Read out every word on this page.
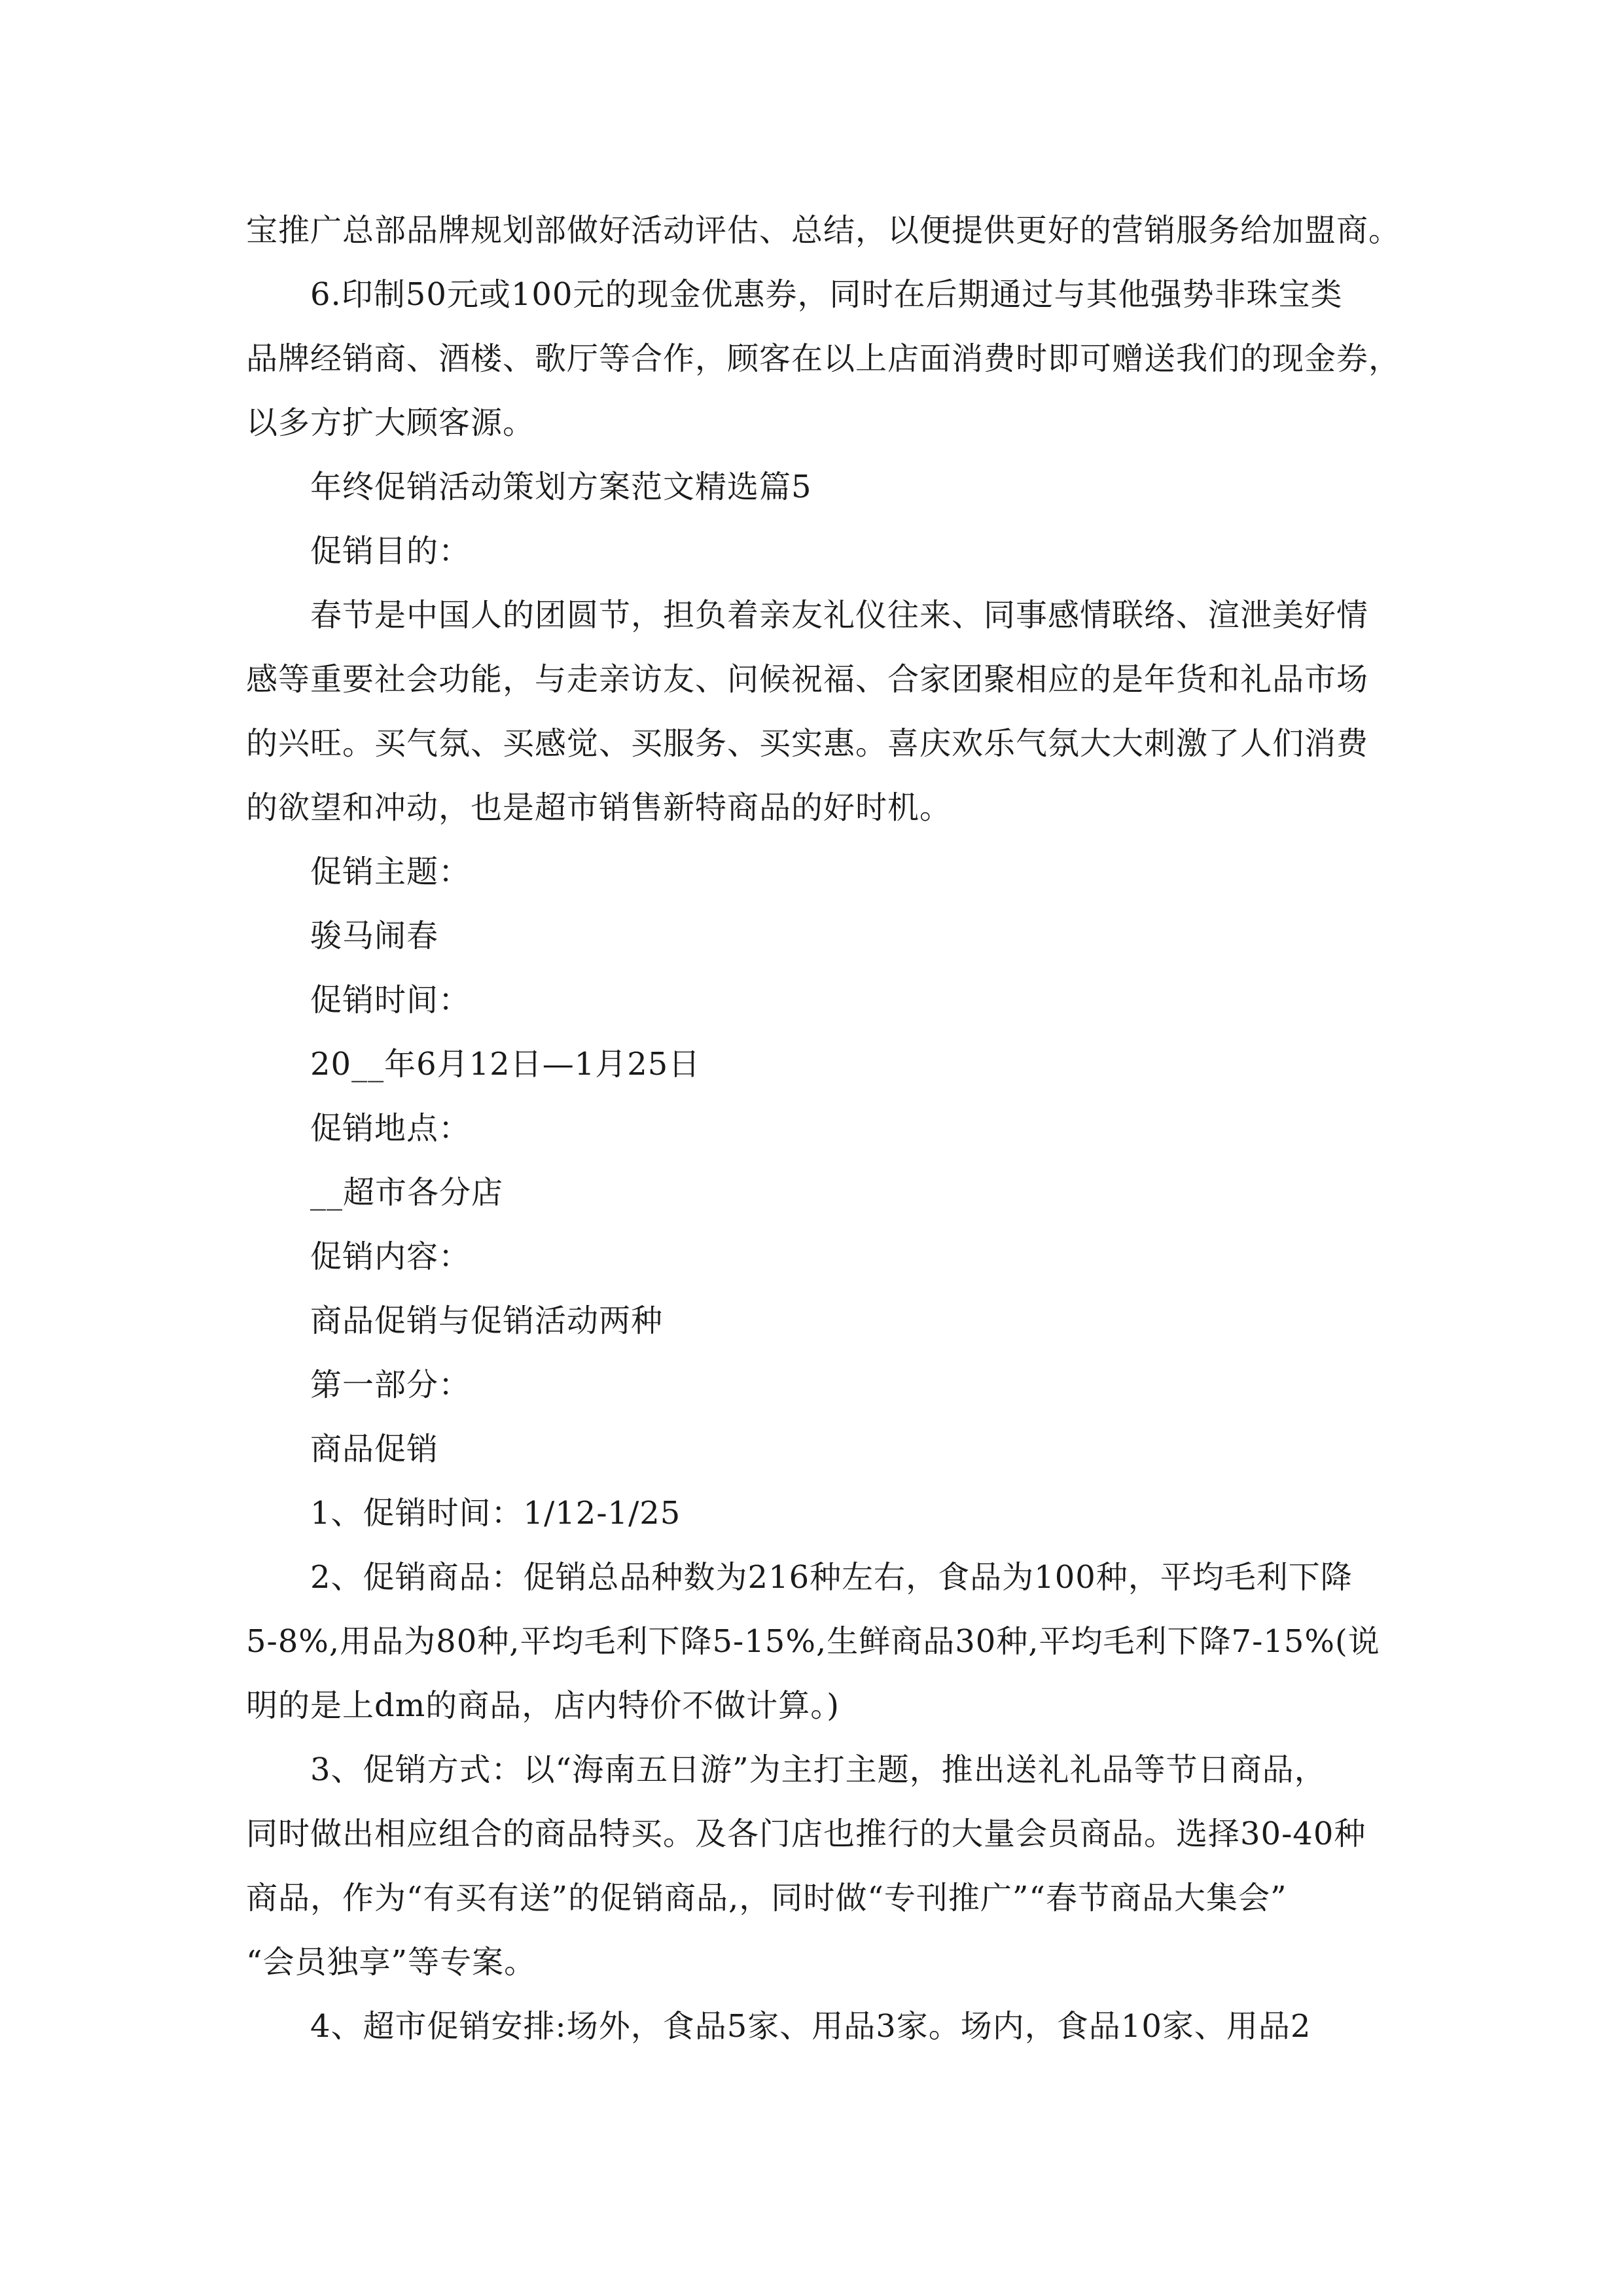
宝推广总部品牌规划部做好活动评估、总结，以便提供更好的营销服务给加盟商。
6.印制50元或100元的现金优惠券，同时在后期通过与其他强势非珠宝类
品牌经销商、酒楼、歌厅等合作，顾客在以上店面消费时即可赠送我们的现金券，
以多方扩大顾客源。
年终促销活动策划方案范文精选篇5
促销目的：
春节是中国人的团圆节，担负着亲友礼仪往来、同事感情联络、渲泄美好情
感等重要社会功能，与走亲访友、问候祝福、合家团聚相应的是年货和礼品市场
的兴旺。买气氛、买感觉、买服务、买实惠。喜庆欢乐气氛大大刺激了人们消费
的欲望和冲动，也是超市销售新特商品的好时机。
促销主题：
骏马闹春
促销时间：
20__年6月12日—1月25日
促销地点：
__超市各分店
促销内容：
商品促销与促销活动两种
第一部分：
商品促销
1、促销时间：1/12-1/25
2、促销商品：促销总品种数为216种左右，食品为100种，平均毛利下降
5-8%,用品为80种,平均毛利下降5-15%,生鲜商品30种,平均毛利下降7-15%(说
明的是上dm的商品，店内特价不做计算。)
3、促销方式：以“海南五日游”为主打主题，推出送礼礼品等节日商品，
同时做出相应组合的商品特买。及各门店也推行的大量会员商品。选择30-40种
商品，作为“有买有送”的促销商品,，同时做“专刊推广”“春节商品大集会”
“会员独享”等专案。
4、超市促销安排:场外，食品5家、用品3家。场内，食品10家、用品2
